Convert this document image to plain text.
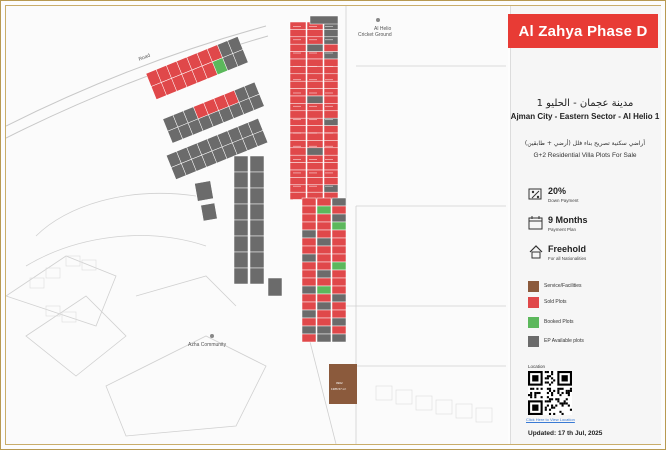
Road
Al Helio Cricket Ground
Azha Community
0902
1386.57 m²
Al Zahya Phase D
مدينة عجمان - الحليو 1
Ajman City - Eastern Sector - Al Helio 1
أراضي سكنية تصريح بناء فلل (أرضي + طابقين)
G+2 Residential Villa Plots For Sale
20%
Down Payment
9 Months
Payment Plan
Freehold
For all Nationalities
Service/Facilities
Sold Plots
Booked Plots
EP Available plots
Location
Click Here to View Location
Updated: 17 th Jul, 2025
